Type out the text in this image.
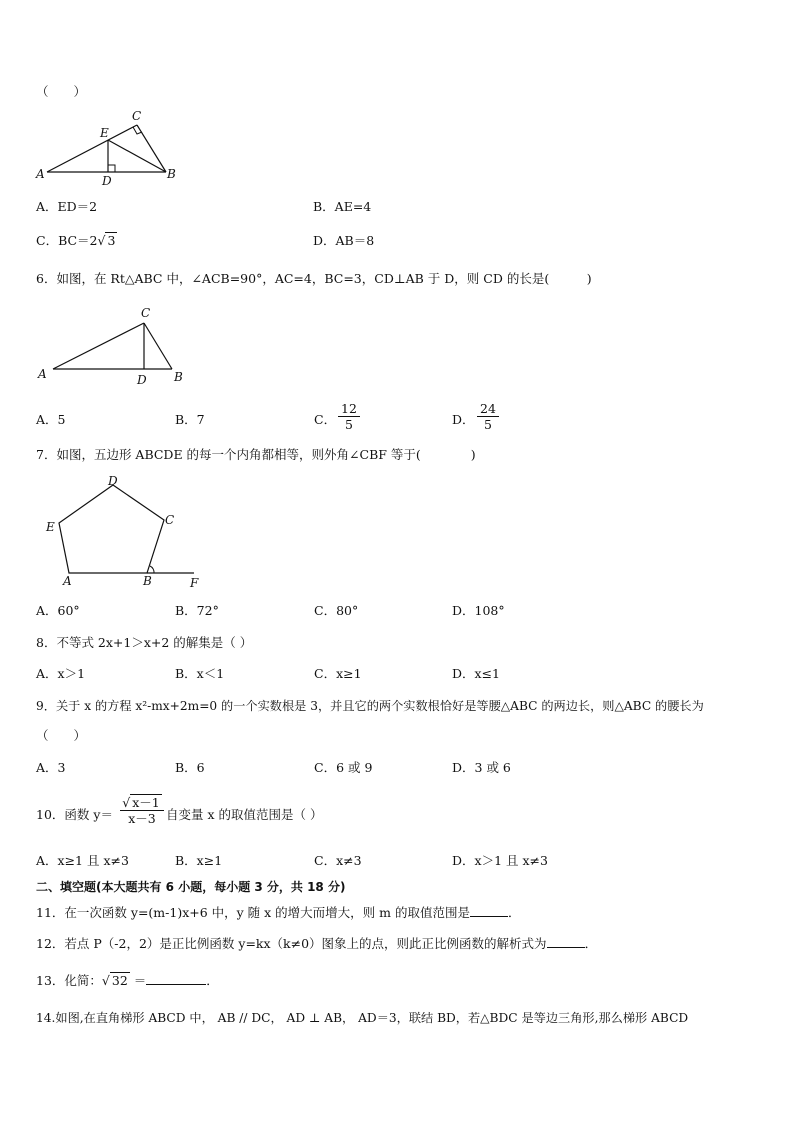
（　　）
A	B
C
D
E
A．ED＝2	B．AE=4
C．BC＝2√ 3	D．AB＝8
6．如图，在 Rt△ABC 中，∠ACB=90°，AC=4，BC=3，CD⊥AB 于 D，则 CD 的长是(　　　)
A	B
C
D
A．5	B．7	C． $\frac{12}{5}$	D． $\frac{24}{5}$
7．如图，五边形 ABCDE 的每一个内角都相等，则外角∠CBF 等于(　　　　)
A	B
C
D
E
F
A．60°	B．72°	C．80°	D．108°
8．不等式 2x+1＞x+2 的解集是（ ）
A．x＞1	B．x＜1	C．x≥1	D．x≤1
9．关于 x 的方程 x²-mx+2m=0 的一个实数根是 3，并且它的两个实数根恰好是等腰△ABC 的两边长，则△ABC 的腰长为
（　　）
A．3	B．6	C．6 或 9	D．3 或 6
10．函数 $y= \frac{√ x-1}{x-3}$ 自变量 x 的取值范围是（ ）
A．x≥1 且 x≠3	B．x≥1	C．x≠3	D．x＞1 且 x≠3
二、填空题(本大题共有 6 小题，每小题 3 分，共 18 分)
11．在一次函数 y=(m-1)x+6 中，y 随 x 的增大而增大，则 m 的取值范围是	．
12．若点 P（-2，2）是正比例函数 y=kx（k≠0）图象上的点，则此正比例函数的解析式为	．
13．化简：√ 32 ＝	．
14.如图,在直角梯形 ABCD 中， AB // DC， AD ⊥ AB， AD＝3，联结 BD，若△BDC 是等边三角形,那么梯形 ABCD
